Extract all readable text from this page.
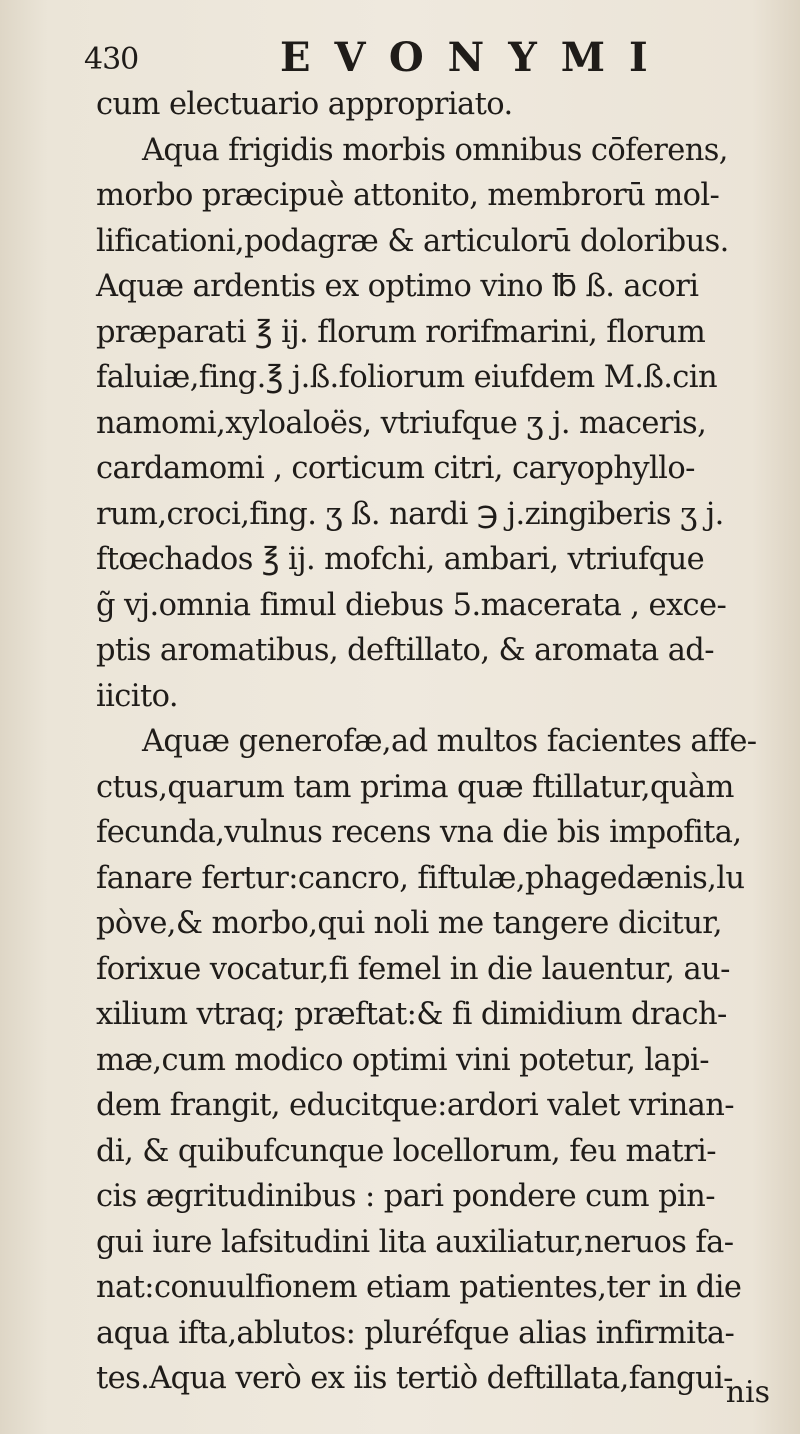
430	EVONYMI
cum electuario appropriato.
Aqua frigidis morbis omnibus cōferens,
morbo præcipuè attonito, membrorū mol-
lificationi,podagræ & articulorū doloribus.
Aquæ ardentis ex optimo vino ℔ ß. acori
præparati ℥ ij. florum rorifmarini, florum
faluiæ,fing.℥ j.ß.foliorum eiufdem M.ß.cin
namomi,xyloaloës, vtriufque ʒ j. maceris,
cardamomi , corticum citri, caryophyllo-
rum,croci,fing. ʒ ß. nardi ℈ j.zingiberis ʒ j.
ftœchados ℥ ij. mofchi, ambari, vtriufque
g̃ vj.omnia fimul diebus 5.macerata , exce-
ptis aromatibus, deftillato, & aromata ad-
iicito.
Aquæ generofæ,ad multos facientes affe-
ctus,quarum tam prima quæ ftillatur,quàm
fecunda,vulnus recens vna die bis impofita,
fanare fertur:cancro, fiftulæ,phagedænis,lu
pòve,& morbo,qui noli me tangere dicitur,
forixue vocatur,fi femel in die lauentur, au-
xilium vtraq; præftat:& fi dimidium drach-
mæ,cum modico optimi vini potetur, lapi-
dem frangit, educitque:ardori valet vrinan-
di, & quibufcunque locellorum, feu matri-
cis ægritudinibus : pari pondere cum pin-
gui iure lafsitudini lita auxiliatur,neruos fa-
nat:conuulfionem etiam patientes,ter in die
aqua ifta,ablutos: pluréfque alias infirmita-
tes.Aqua verò ex iis tertiò deftillata,fangui-
nis
